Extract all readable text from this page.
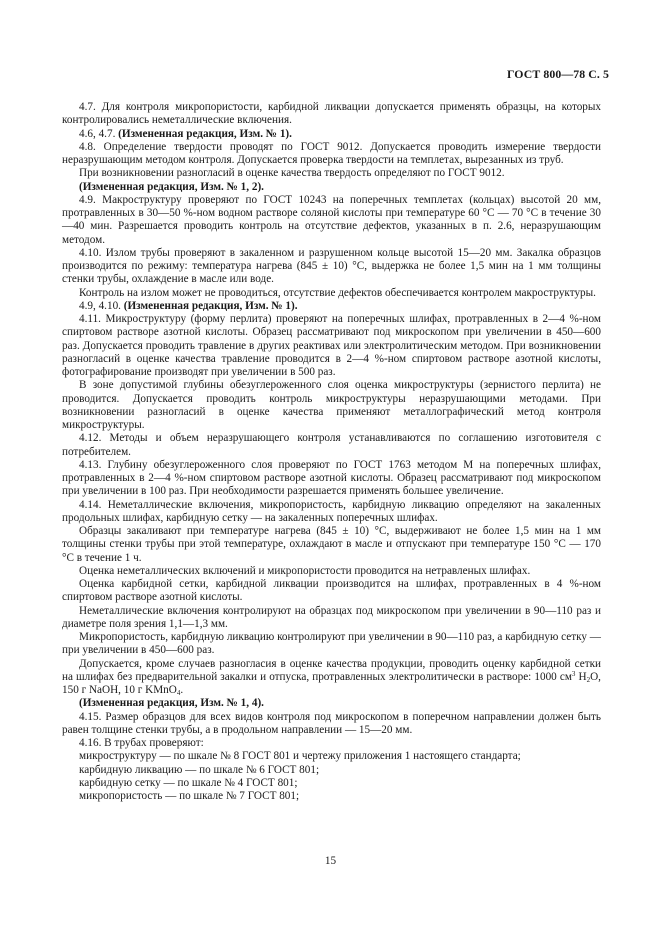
ГОСТ 800—78 С. 5

4.7. Для контроля микропористости, карбидной ликвации допускается применять образцы, на которых контролировались неметаллические включения.

4.6, 4.7. (Измененная редакция, Изм. № 1).

4.8. Определение твердости проводят по ГОСТ 9012. Допускается проводить измерение твердости неразрушающим методом контроля. Допускается проверка твердости на темплетах, вырезанных из труб.

При возникновении разногласий в оценке качества твердость определяют по ГОСТ 9012.

(Измененная редакция, Изм. № 1, 2).

4.9. Макроструктуру проверяют по ГОСТ 10243 на поперечных темплетах (кольцах) высотой 20 мм, протравленных в 30—50 %-ном водном растворе соляной кислоты при температуре 60 °С — 70 °С в течение 30—40 мин. Разрешается проводить контроль на отсутствие дефектов, указанных в п. 2.6, неразрушающим методом.

4.10. Излом трубы проверяют в закаленном и разрушенном кольце высотой 15—20 мм. Закалка образцов производится по режиму: температура нагрева (845 ± 10) °С, выдержка не более 1,5 мин на 1 мм толщины стенки трубы, охлаждение в масле или воде.

Контроль на излом может не проводиться, отсутствие дефектов обеспечивается контролем макроструктуры.

4.9, 4.10. (Измененная редакция, Изм. № 1).

4.11. Микроструктуру (форму перлита) проверяют на поперечных шлифах, протравленных в 2—4 %-ном спиртовом растворе азотной кислоты. Образец рассматривают под микроскопом при увеличении в 450—600 раз. Допускается проводить травление в других реактивах или электролитическим методом. При возникновении разногласий в оценке качества травление проводится в 2—4 %-ном спиртовом растворе азотной кислоты, фотографирование производят при увеличении в 500 раз.

В зоне допустимой глубины обезуглероженного слоя оценка микроструктуры (зернистого перлита) не проводится. Допускается проводить контроль микроструктуры неразрушающими методами. При возникновении разногласий в оценке качества применяют металлографический метод контроля микроструктуры.

4.12. Методы и объем неразрушающего контроля устанавливаются по соглашению изготовителя с потребителем.

4.13. Глубину обезуглероженного слоя проверяют по ГОСТ 1763 методом М на поперечных шлифах, протравленных в 2—4 %-ном спиртовом растворе азотной кислоты. Образец рассматривают под микроскопом при увеличении в 100 раз. При необходимости разрешается применять большее увеличение.

4.14. Неметаллические включения, микропористость, карбидную ликвацию определяют на закаленных продольных шлифах, карбидную сетку — на закаленных поперечных шлифах.

Образцы закаливают при температуре нагрева (845 ± 10) °С, выдерживают не более 1,5 мин на 1 мм толщины стенки трубы при этой температуре, охлаждают в масле и отпускают при температуре 150 °С — 170 °С в течение 1 ч.

Оценка неметаллических включений и микропористости проводится на нетравленых шлифах.

Оценка карбидной сетки, карбидной ликвации производится на шлифах, протравленных в 4 %-ном спиртовом растворе азотной кислоты.

Неметаллические включения контролируют на образцах под микроскопом при увеличении в 90—110 раз и диаметре поля зрения 1,1—1,3 мм.

Микропористость, карбидную ликвацию контролируют при увеличении в 90—110 раз, а карбидную сетку — при увеличении в 450—600 раз.

Допускается, кроме случаев разногласия в оценке качества продукции, проводить оценку карбидной сетки на шлифах без предварительной закалки и отпуска, протравленных электролитически в растворе: 1000 $см^3$ $Н_2О$, 150 г NaOH, 10 г KMnO$_4$.

(Измененная редакция, Изм. № 1, 4).

4.15. Размер образцов для всех видов контроля под микроскопом в поперечном направлении должен быть равен толщине стенки трубы, а в продольном направлении — 15—20 мм.

4.16. В трубах проверяют:

микроструктуру — по шкале № 8 ГОСТ 801 и чертежу приложения 1 настоящего стандарта;

карбидную ликвацию — по шкале № 6 ГОСТ 801;

карбидную сетку — по шкале № 4 ГОСТ 801;

микропористость — по шкале № 7 ГОСТ 801;

15
